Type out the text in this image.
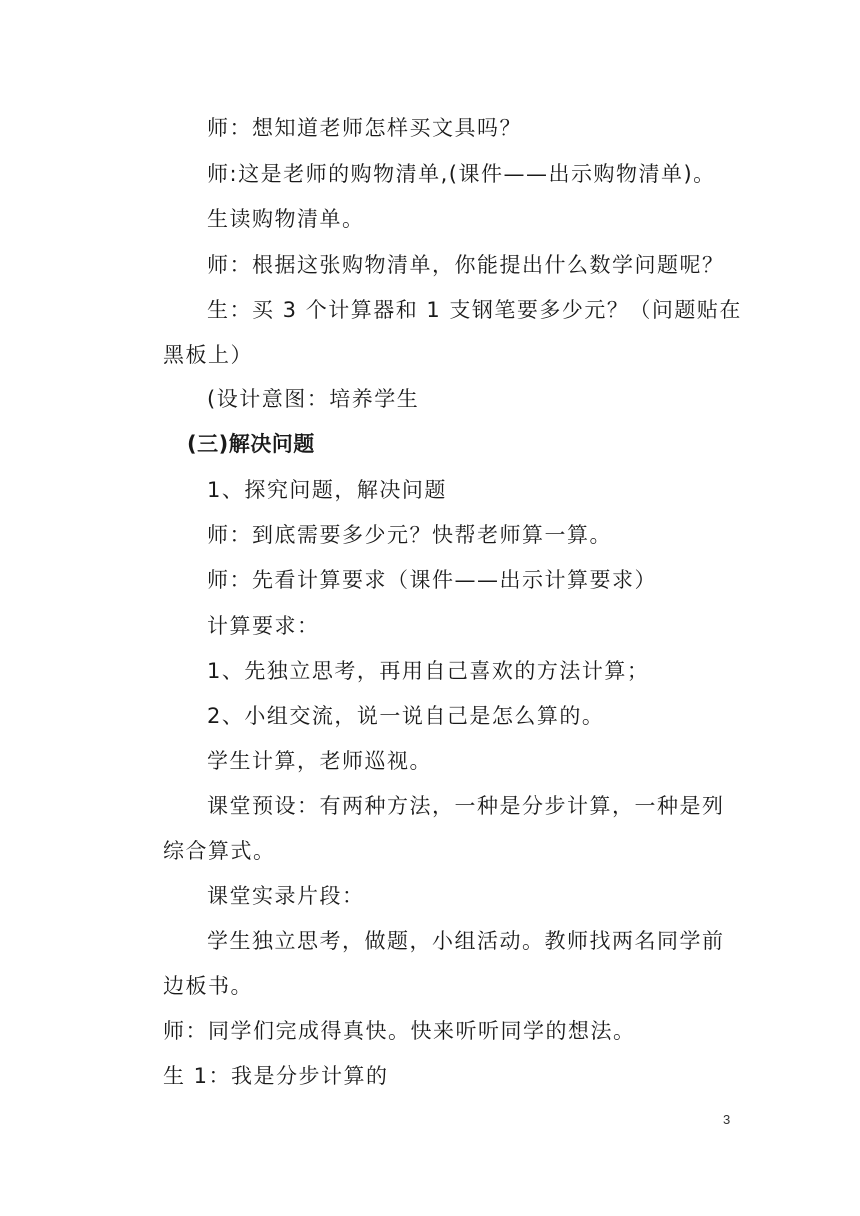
师：想知道老师怎样买文具吗？
师:这是老师的购物清单,(课件——出示购物清单)。
生读购物清单。
师：根据这张购物清单，你能提出什么数学问题呢？
生：买 3 个计算器和 1 支钢笔要多少元？（问题贴在
黑板上）
(设计意图：培养学生
(三)解决问题
1、探究问题，解决问题
师：到底需要多少元？快帮老师算一算。
师：先看计算要求（课件——出示计算要求）
计算要求：
1、先独立思考，再用自己喜欢的方法计算；
2、小组交流，说一说自己是怎么算的。
学生计算，老师巡视。
课堂预设：有两种方法，一种是分步计算，一种是列
综合算式。
课堂实录片段：
学生独立思考，做题，小组活动。教师找两名同学前
边板书。
师：同学们完成得真快。快来听听同学的想法。
生 1：我是分步计算的
3
